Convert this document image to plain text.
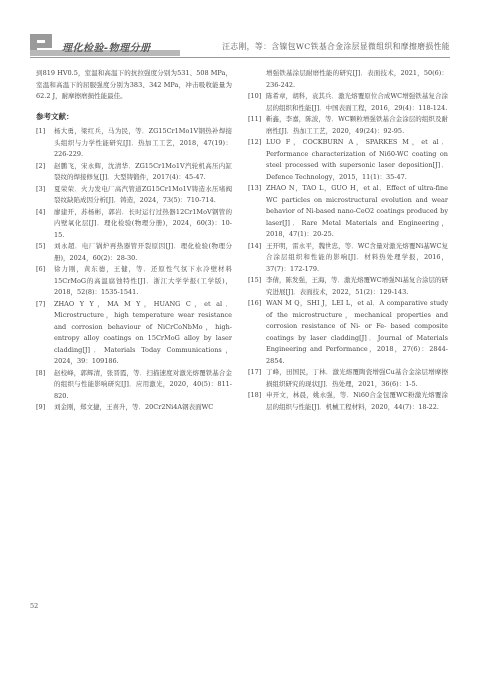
理化检验-物理分册	汪志刚，等：含镍包WC铁基合金涂层显微组织和摩擦磨损性能

到819 HV0.5，室温和高温下的抗拉强度分别为531、508 MPa，室温和高温下的屈服强度分别为383、342 MPa，冲击吸收能量为62.2 J，耐摩擦磨损性能最佳。

参考文献：
[1]	杨大勇，梁红兵，马为民，等．ZG15Cr1Mo1V钢热补焊接头组织与力学性能研究[J]．热加工工艺，2018，47(19)：226-229.
[2]	赵鹏飞，宋永辉，沈清华．ZG15Cr1Mo1V汽轮机高压内缸裂纹的焊接修复[J]．大型铸锻件，2017(4)：45-47.
[3]	夏荣荣．火力发电厂高汽管道ZG15Cr1Mo1V铸造水压堵阀裂纹缺陷成因分析[J]．铸造，2024，73(5)：710-714.
[4]	廖建开，苏杨彬，郭岩．长时运行过热器12Cr1MoV钢管的内壁氧化层[J]．理化检验(物理分册)，2024，60(3)：10-15.
[5]	刘永超．电厂锅炉再热器管开裂原因[J]．理化检验(物理分册)，2024，60(2)：28-30.
[6]	徐力刚，黄东德，王健，等．还原性气氛下水冷壁材料15CrMoG的高温腐蚀特性[J]．浙江大学学报(工学版)，2018，52(8)：1535-1541.
[7]	ZHAO Y Y，MA M Y，HUANG C，et al．Microstructure，high temperature wear resistance and corrosion behaviour of NiCrCoNbMo，high-entropy alloy coatings on 15CrMoG alloy by laser cladding[J]．Materials Today Communications，2024，39：109186.
[8]	赵校峰，郭辉清，张晋霞，等．扫描速度对激光熔覆铁基合金的组织与性能影响研究[J]．应用激光，2020，40(5)：811-820.
[9]	刘金刚，郑文捷，王喜升，等．20Cr2Ni4A钢表面WC
增强铁基涂层耐磨性能的研究[J]．表面技术，2021，50(6)：236-242.
[10] 陈希章，胡科，袁其兵．激光熔覆原位合成WC增强铁基复合涂层的组织和性能[J]．中国表面工程，2016，29(4)：118-124.
[11] 靳鑫，李嘉，陈波，等．WC颗粒增强铁基合金涂层的组织及耐磨性[J]．热加工工艺，2020，49(24)：92-95.
[12] LUO F，COCKBURN A，SPARKES M，et al．Performance characterization of Ni60-WC coating on steel processed with supersonic laser deposition[J]．Defence Technology，2015，11(1)：35-47.
[13] ZHAO N，TAO L，GUO H，et al．Effect of ultra-fine WC particles on microstructural evolution and wear behavior of Ni-based nano-CeO2 coatings produced by laser[J]．Rare Metal Materials and Engineering，2018，47(1)：20-25.
[14] 王开明，雷永平，魏世忠，等．WC含量对激光熔覆Ni基WC复合涂层组织和性能的影响[J]．材料热处理学报，2016，37(7)：172-179.
[15] 李倩，陈发强，王海，等．激光熔覆WC增强Ni基复合涂层的研究进展[J]．表面技术，2022，51(2)：129-143.
[16] WAN M Q，SHI J，LEI L，et al．A comparative study of the microstructure，mechanical properties and corrosion resistance of Ni- or Fe- based composite coatings by laser cladding[J]．Journal of Materials Engineering and Performance，2018，27(6)：2844-2854.
[17] 丁峰，田国民，丁林．激光熔覆陶瓷增强Cu基合金涂层增摩擦损组织研究的现状[J]．热处理，2021，36(6)：1-5.
[18] 申开文，林晨，姚永强，等．Ni60合金包覆WC粉激光熔覆涂层的组织与性能[J]．机械工程材料，2020，44(7)：18-22.
52
